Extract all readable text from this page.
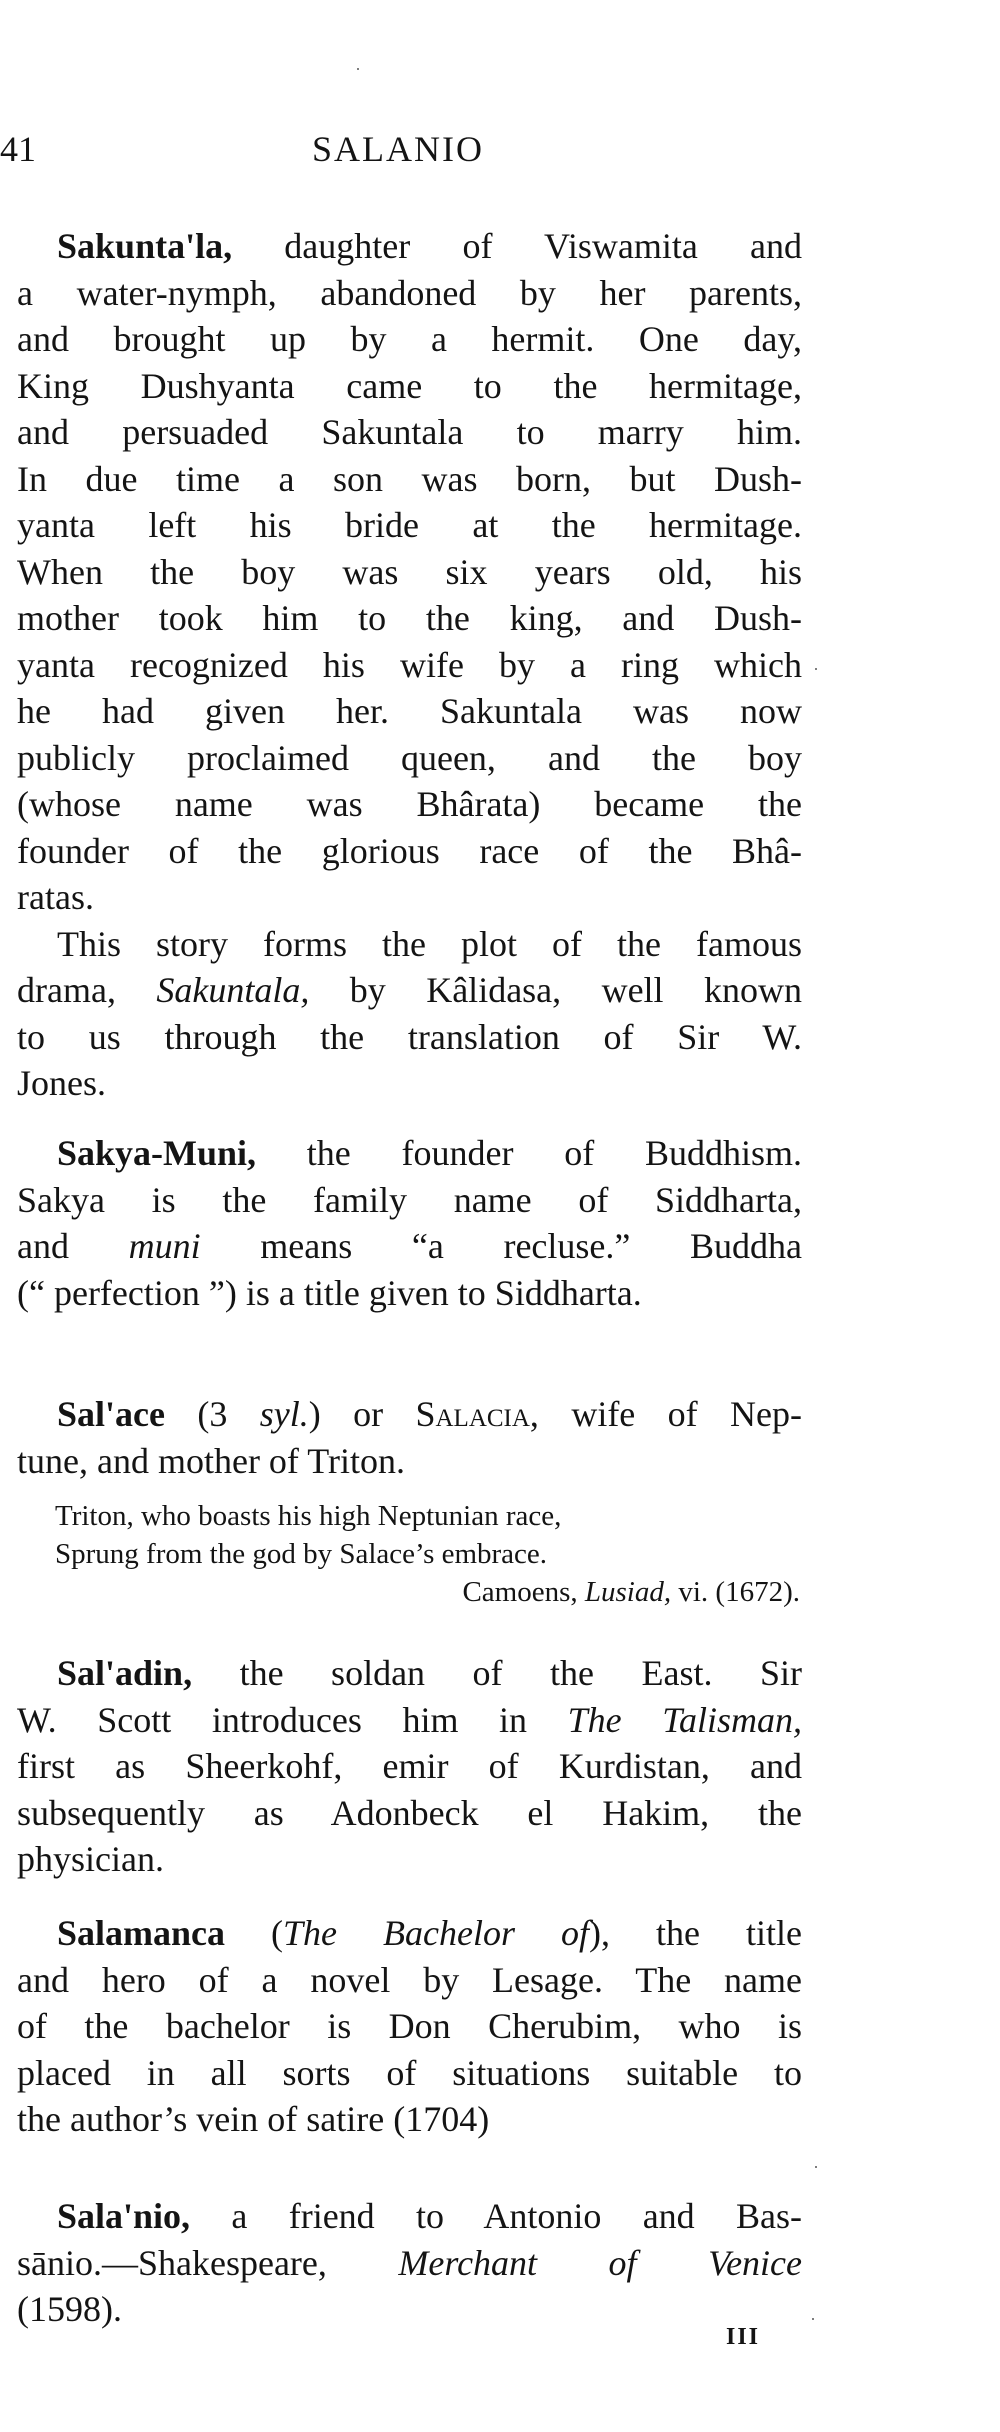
41	SALANIO
Sakunta'la, daughter of Viswamita and
a water-nymph, abandoned by her parents,
and brought up by a hermit. One day,
King Dushyanta came to the hermitage,
and persuaded Sakuntala to marry him.
In due time a son was born, but Dush-
yanta left his bride at the hermitage.
When the boy was six years old, his
mother took him to the king, and Dush-
yanta recognized his wife by a ring which
he had given her. Sakuntala was now
publicly proclaimed queen, and the boy
(whose name was Bhârata) became the
founder of the glorious race of the Bhâ-
ratas.
This story forms the plot of the famous
drama, Sakuntala, by Kâlidasa, well known
to us through the translation of Sir W.
Jones.
Sakya-Muni, the founder of Buddhism.
Sakya is the family name of Siddharta,
and muni means “a recluse.” Buddha
(“ perfection ”) is a title given to Siddharta.
Sal'ace (3 syl.) or Salacia, wife of Nep-
tune, and mother of Triton.
Triton, who boasts his high Neptunian race,
Sprung from the god by Salace’s embrace.
Camoens, Lusiad, vi. (1672).
Sal'adin, the soldan of the East. Sir
W. Scott introduces him in The Talisman,
first as Sheerkohf, emir of Kurdistan, and
subsequently as Adonbeck el Hakim, the
physician.
Salamanca (The Bachelor of), the title
and hero of a novel by Lesage. The name
of the bachelor is Don Cherubim, who is
placed in all sorts of situations suitable to
the author’s vein of satire (1704)
Sala'nio, a friend to Antonio and Bas-
sānio.—Shakespeare, Merchant of Venice
(1598).
III
